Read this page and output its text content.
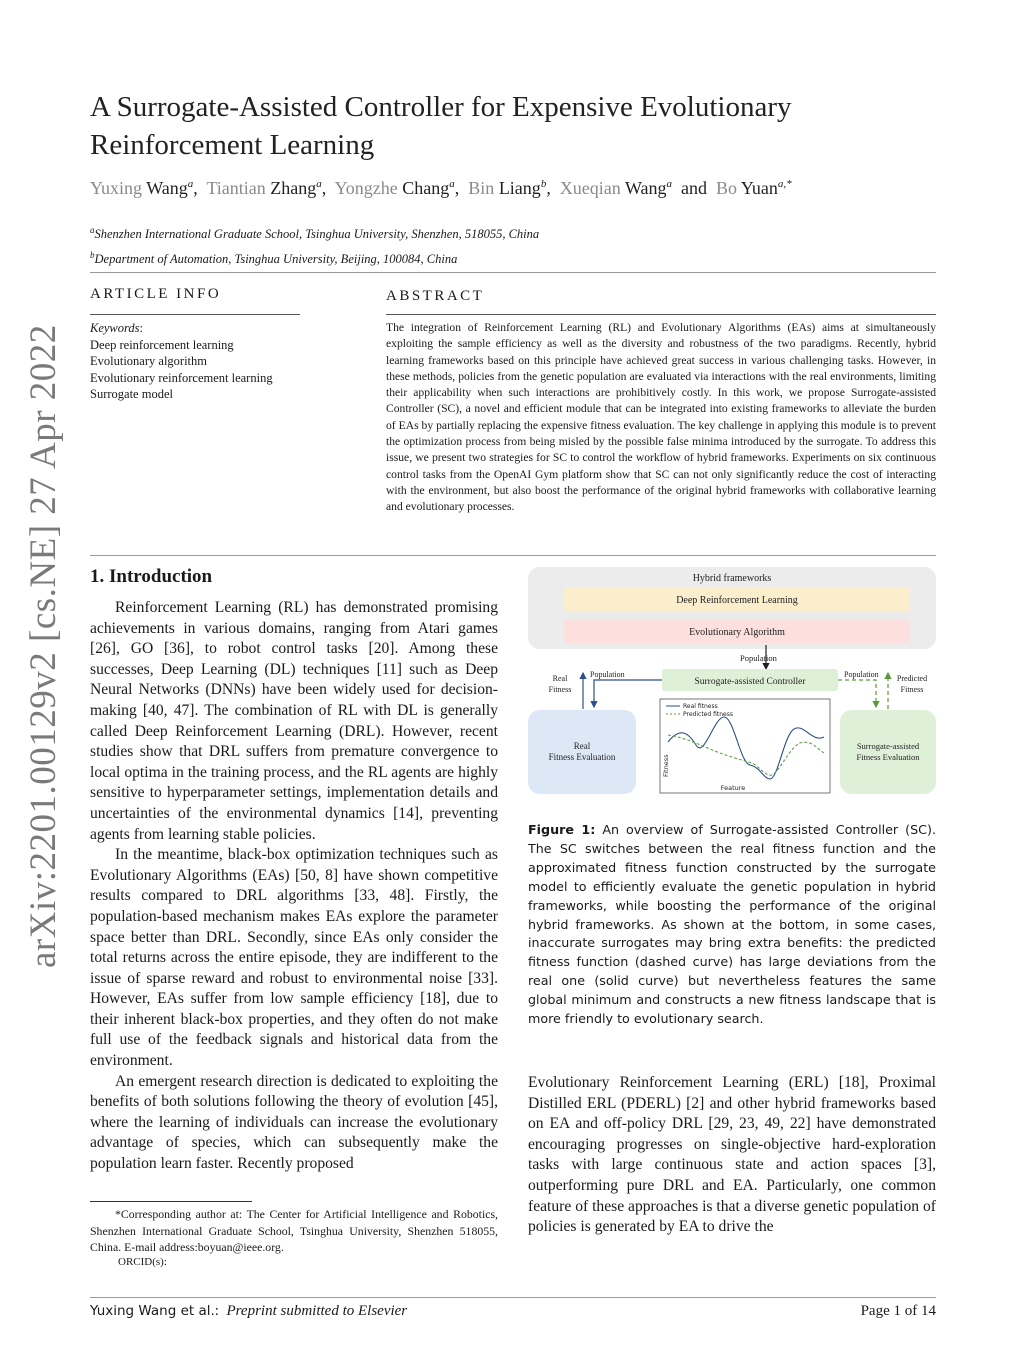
arXiv:2201.00129v2 [cs.NE] 27 Apr 2022
A Surrogate-Assisted Controller for Expensive Evolutionary Reinforcement Learning
Yuxing Wang$^a$,  Tiantian Zhang$^a$,  Yongzhe Chang$^a$,  Bin Liang$^b$,  Xueqian Wang$^a$ and Bo Yuan$^{a,*}$
$^a$Shenzhen International Graduate School, Tsinghua University, Shenzhen, 518055, China
$^b$Department of Automation, Tsinghua University, Beijing, 100084, China
ARTICLE INFO
Keywords:
Deep reinforcement learning
Evolutionary algorithm
Evolutionary reinforcement learning
Surrogate model
ABSTRACT

The integration of Reinforcement Learning (RL) and Evolutionary Algorithms (EAs) aims at simultaneously exploiting the sample efficiency as well as the diversity and robustness of the two paradigms. Recently, hybrid learning frameworks based on this principle have achieved great success in various challenging tasks. However, in these methods, policies from the genetic population are evaluated via interactions with the real environments, limiting their applicability when such interactions are prohibitively costly. In this work, we propose Surrogate-assisted Controller (SC), a novel and efficient module that can be integrated into existing frameworks to alleviate the burden of EAs by partially replacing the expensive fitness evaluation. The key challenge in applying this module is to prevent the optimization process from being misled by the possible false minima introduced by the surrogate. To address this issue, we present two strategies for SC to control the workflow of hybrid frameworks. Experiments on six continuous control tasks from the OpenAI Gym platform show that SC can not only significantly reduce the cost of interacting with the environment, but also boost the performance of the original hybrid frameworks with collaborative learning and evolutionary processes.

1. Introduction

Reinforcement Learning (RL) has demonstrated promising achievements in various domains, ranging from Atari games [26], GO [36], to robot control tasks [20]. Among these successes, Deep Learning (DL) techniques [11] such as Deep Neural Networks (DNNs) have been widely used for decision-making [40, 47]. The combination of RL with DL is generally called Deep Reinforcement Learning (DRL). However, recent studies show that DRL suffers from premature convergence to local optima in the training process, and the RL agents are highly sensitive to hyperparameter settings, implementation details and uncertainties of the environmental dynamics [14], preventing agents from learning stable policies.

In the meantime, black-box optimization techniques such as Evolutionary Algorithms (EAs) [50, 8] have shown competitive results compared to DRL algorithms [33, 48]. Firstly, the population-based mechanism makes EAs explore the parameter space better than DRL. Secondly, since EAs only consider the total returns across the entire episode, they are indifferent to the issue of sparse reward and robust to environmental noise [33]. However, EAs suffer from low sample efficiency [18], due to their inherent black-box properties, and they often do not make full use of the feedback signals and historical data from the environment.

An emergent research direction is dedicated to exploiting the benefits of both solutions following the theory of evolution [45], where the learning of individuals can increase the evolutionary advantage of species, which can subsequently make the population learn faster. Recently proposed

*Corresponding author at: The Center for Artificial Intelligence and Robotics, Shenzhen International Graduate School, Tsinghua University, Shenzhen 518055, China. E-mail address:boyuan@ieee.org.

ORCID(s):
Hybrid frameworks
Deep Reinforcement Learning
Evolutionary Algorithm
Population
Surrogate-assisted Controller
Population
Real Fitness
Population Predicted Fitness
Real Fitness Evaluation
Surrogate-assisted Fitness Evaluation
Real fitness
Predicted fitness
Fitness
Feature

Figure 1: An overview of Surrogate-assisted Controller (SC). The SC switches between the real fitness function and the approximated fitness function constructed by the surrogate model to efficiently evaluate the genetic population in hybrid frameworks, while boosting the performance of the original hybrid frameworks. As shown at the bottom, in some cases, inaccurate surrogates may bring extra benefits: the predicted fitness function (dashed curve) has large deviations from the real one (solid curve) but nevertheless features the same global minimum and constructs a new fitness landscape that is more friendly to evolutionary search.

Evolutionary Reinforcement Learning (ERL) [18], Proximal Distilled ERL (PDERL) [2] and other hybrid frameworks based on EA and off-policy DRL [29, 23, 49, 22] have demonstrated encouraging progresses on single-objective hard-exploration tasks with large continuous state and action spaces [3], outperforming pure DRL and EA. Particularly, one common feature of these approaches is that a diverse genetic population of policies is generated by EA to drive the

Yuxing Wang et al.: Preprint submitted to Elsevier	Page 1 of 14
